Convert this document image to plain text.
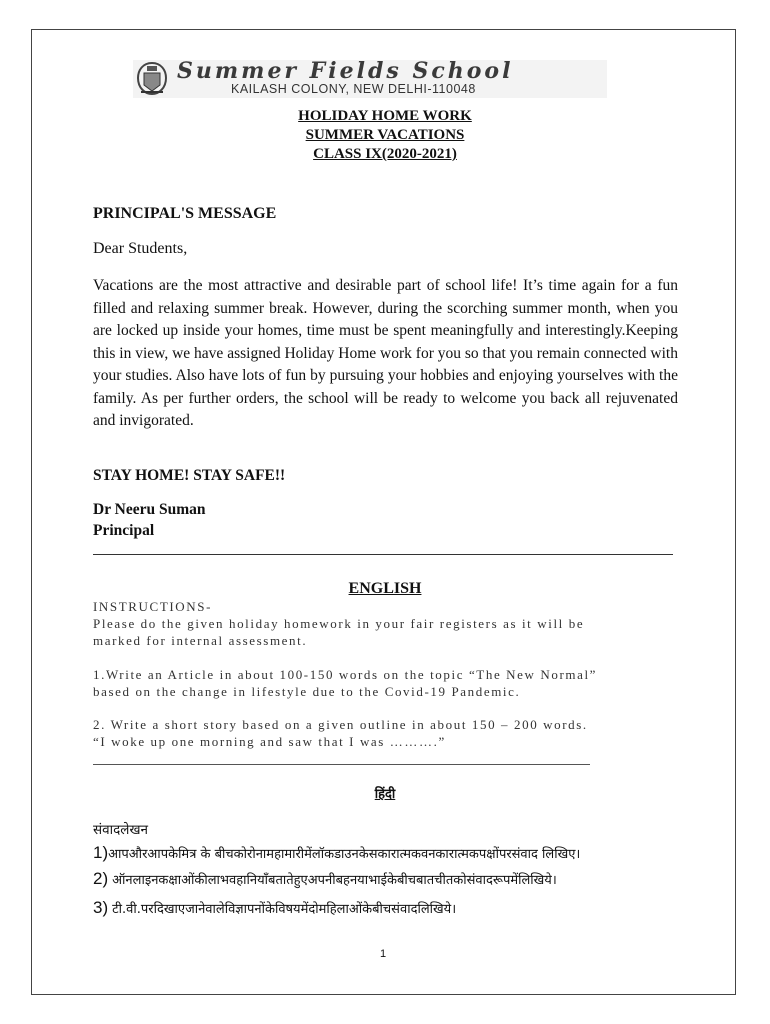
Summer Fields School
KAILASH COLONY, NEW DELHI-110048
HOLIDAY HOME WORK
SUMMER VACATIONS
CLASS IX(2020-2021)
PRINCIPAL'S MESSAGE
Dear Students,
Vacations are the most attractive and desirable part of school life! It’s time again for a fun filled and relaxing summer break. However, during the scorching summer month, when you are locked up inside your homes, time must be spent meaningfully and interestingly.Keeping this in view, we have assigned Holiday Home work for you so that you remain connected with your studies. Also have lots of fun by pursuing your hobbies and enjoying yourselves with the family. As per further orders, the school will be ready to welcome you back all rejuvenated and invigorated.
STAY HOME! STAY SAFE!!
Dr Neeru Suman
Principal
ENGLISH
INSTRUCTIONS-
Please do the given holiday homework in your fair registers as it will be
marked for internal assessment.
1.Write an Article in about 100-150 words on the topic “The New Normal”
based on the change in lifestyle due to the Covid-19 Pandemic.
2. Write a short story based on a given outline in about 150 – 200 words.
“I woke up one morning and saw that I was ……….”
हिंदी
संवादलेखन
1)आपऔरआपकेमित्र के बीचकोरोनामहामारीमेंलॉकडाउनकेसकारात्मकवनकारात्मकपक्षोंपरसंवाद लिखिए।
2) ऑनलाइनकक्षाओंकीलाभवहानियाँबतातेहुएअपनीबहनयाभाईकेबीचबातचीतकोसंवादरूपमेंलिखिये।
3) टी.वी.परदिखाएजानेवालेविज्ञापनोंकेविषयमेंदोमहिलाओंकेबीचसंवादलिखिये।
1
